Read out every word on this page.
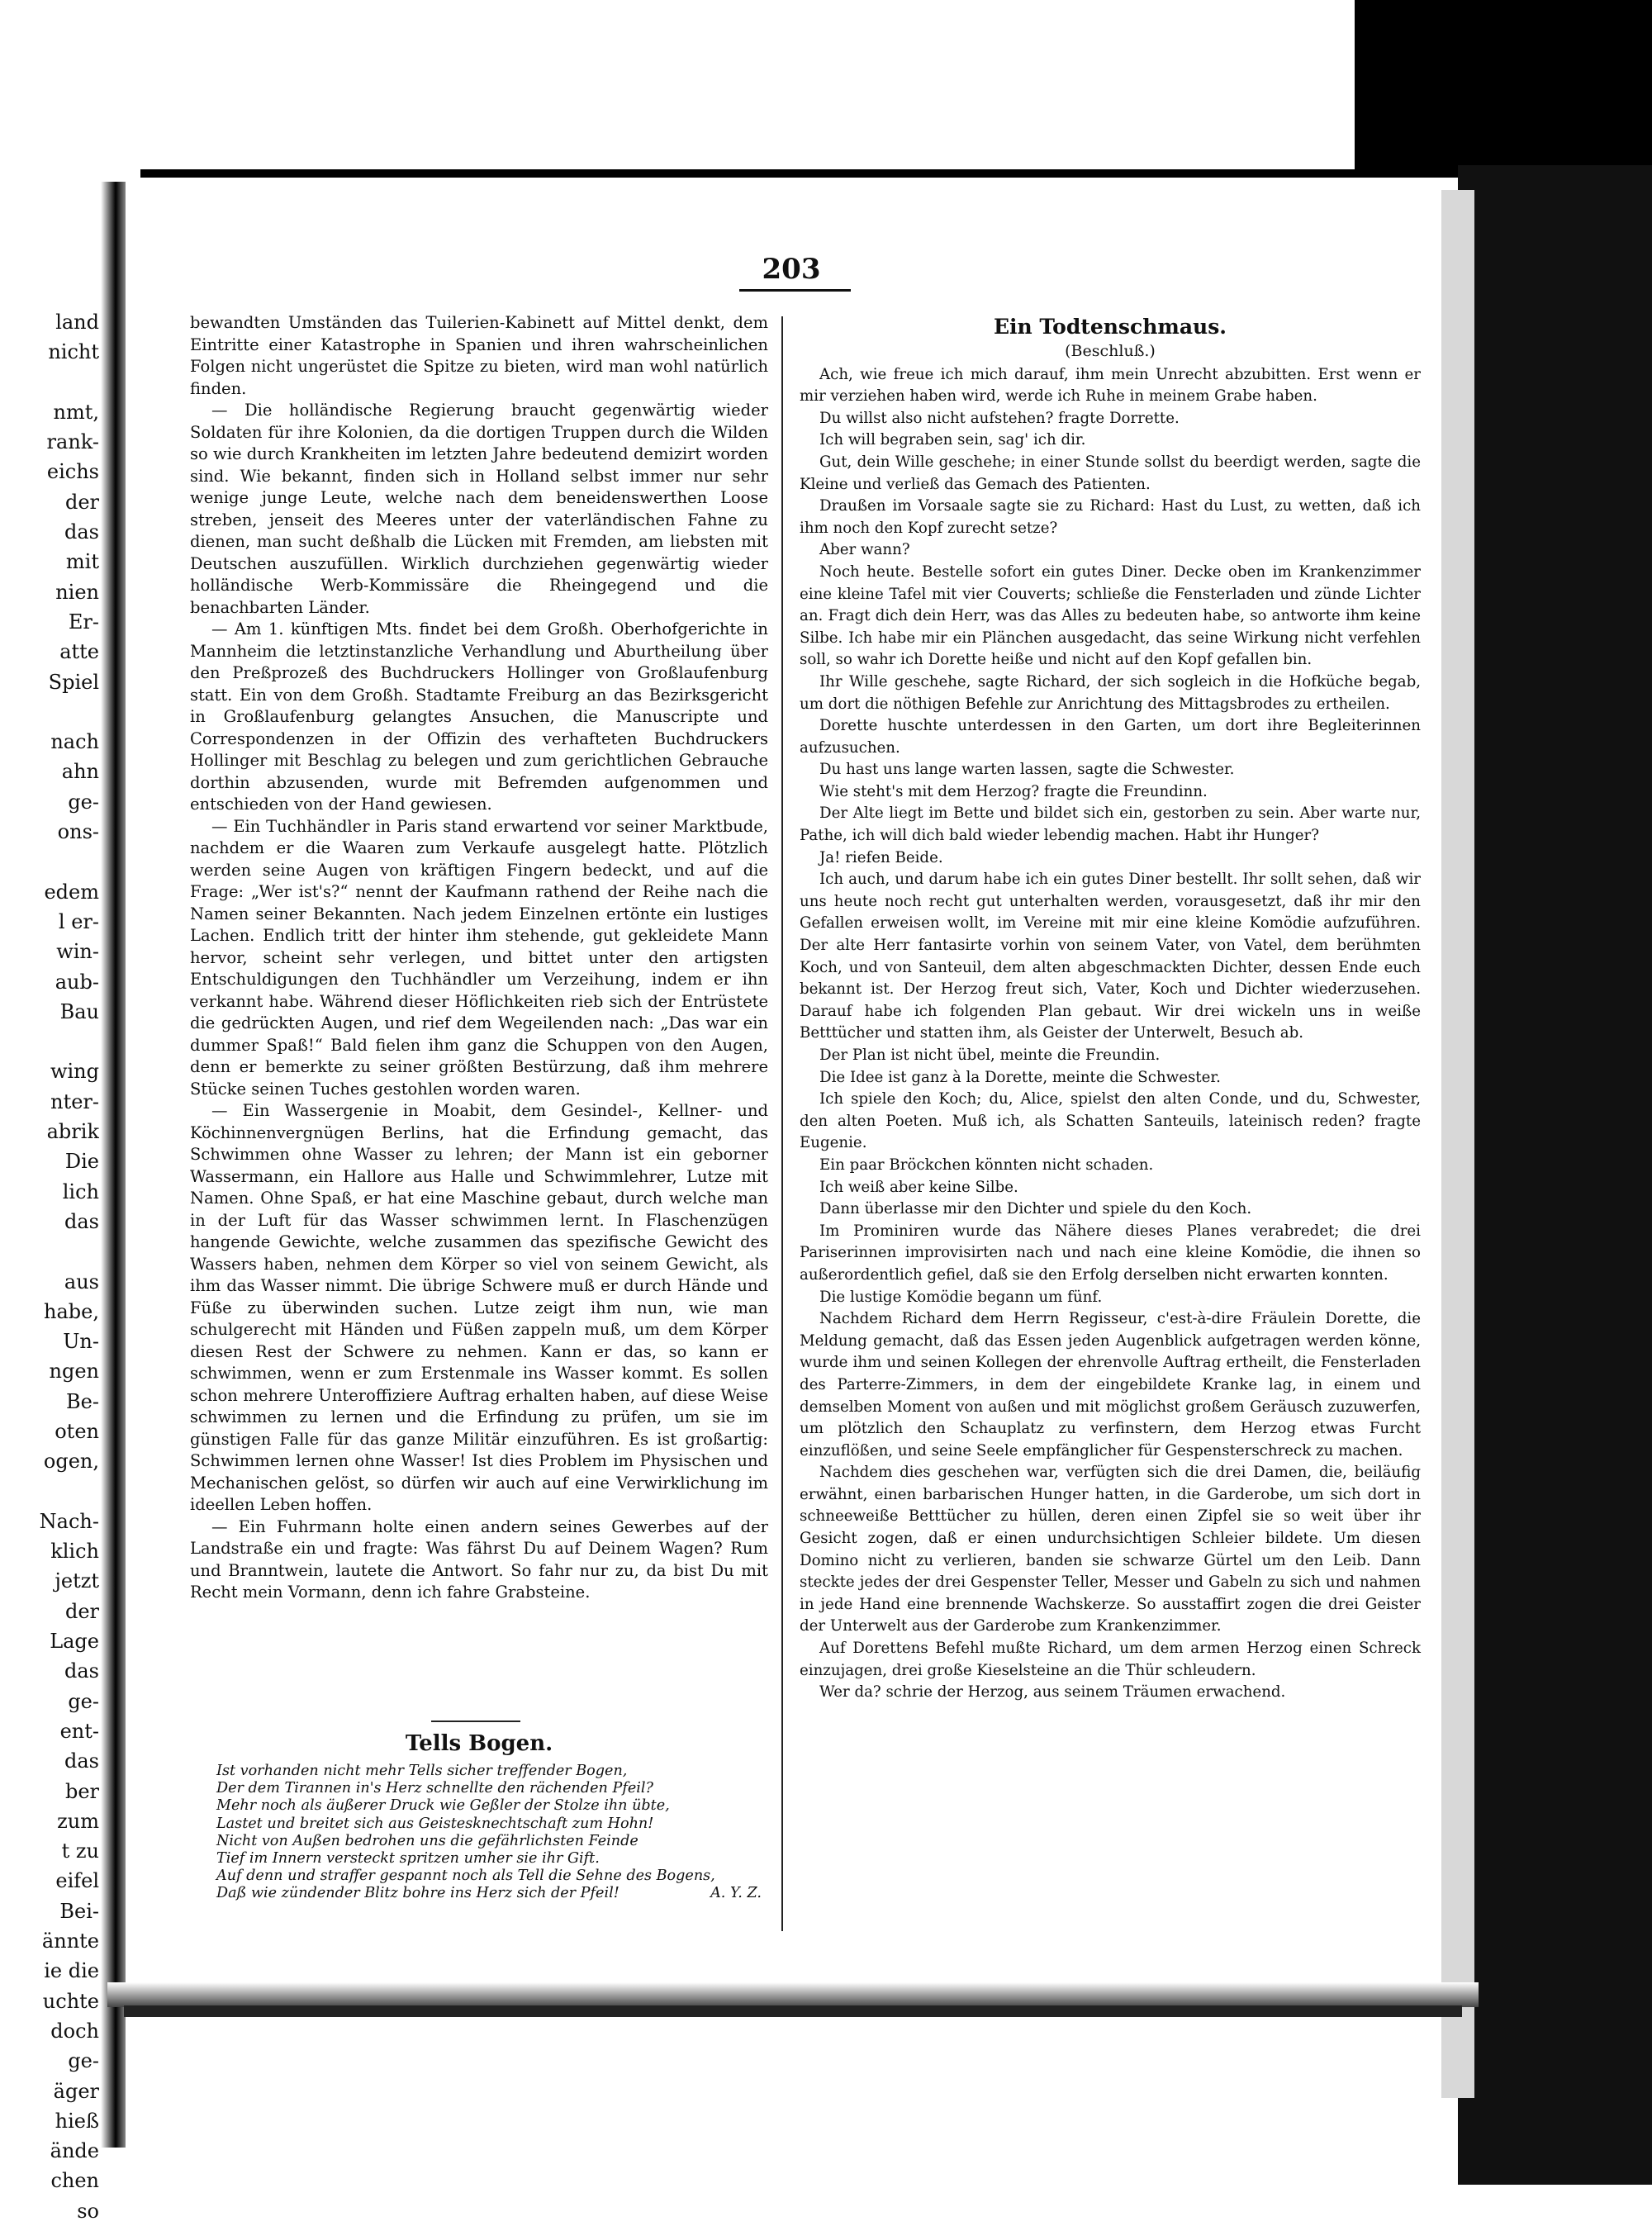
land
nicht
nmt,
rank-
eichs
der
das
mit
nien
Er-
atte
Spiel
nach
ahn
ge-
ons-
edem
l er-
win-
aub-
Bau
wing
nter-
abrik
Die
lich
das
aus
habe,
Un-
ngen
Be-
oten
ogen,
Nach-
klich
jetzt
der
Lage
das
ge-
ent-
das
ber
zum
t zu
eifel
Bei-
ännte
ie die
uchte
doch
ge-
äger
hieß
ände
chen
so
203

bewandten Umständen das Tuilerien-Kabinett auf Mittel denkt, dem Eintritte einer Katastrophe in Spanien und ihren wahrscheinlichen Folgen nicht ungerüstet die Spitze zu bieten, wird man wohl natürlich finden.

— Die holländische Regierung braucht gegenwärtig wieder Soldaten für ihre Kolonien, da die dortigen Truppen durch die Wilden so wie durch Krankheiten im letzten Jahre bedeutend demizirt worden sind. Wie bekannt, finden sich in Holland selbst immer nur sehr wenige junge Leute, welche nach dem beneidenswerthen Loose streben, jenseit des Meeres unter der vaterländischen Fahne zu dienen, man sucht deßhalb die Lücken mit Fremden, am liebsten mit Deutschen auszufüllen. Wirklich durchziehen gegenwärtig wieder holländische Werb-Kommissäre die Rheingegend und die benachbarten Länder.

— Am 1. künftigen Mts. findet bei dem Großh. Oberhofgerichte in Mannheim die letztinstanzliche Verhandlung und Aburtheilung über den Preßprozeß des Buchdruckers Hollinger von Großlaufenburg statt. Ein von dem Großh. Stadtamte Freiburg an das Bezirksgericht in Großlaufenburg gelangtes Ansuchen, die Manuscripte und Correspondenzen in der Offizin des verhafteten Buchdruckers Hollinger mit Beschlag zu belegen und zum gerichtlichen Gebrauche dorthin abzusenden, wurde mit Befremden aufgenommen und entschieden von der Hand gewiesen.

— Ein Tuchhändler in Paris stand erwartend vor seiner Marktbude, nachdem er die Waaren zum Verkaufe ausgelegt hatte. Plötzlich werden seine Augen von kräftigen Fingern bedeckt, und auf die Frage: „Wer ist's?“ nennt der Kaufmann rathend der Reihe nach die Namen seiner Bekannten. Nach jedem Einzelnen ertönte ein lustiges Lachen. Endlich tritt der hinter ihm stehende, gut gekleidete Mann hervor, scheint sehr verlegen, und bittet unter den artigsten Entschuldigungen den Tuchhändler um Verzeihung, indem er ihn verkannt habe. Während dieser Höflichkeiten rieb sich der Entrüstete die gedrückten Augen, und rief dem Wegeilenden nach: „Das war ein dummer Spaß!“ Bald fielen ihm ganz die Schuppen von den Augen, denn er bemerkte zu seiner größten Bestürzung, daß ihm mehrere Stücke seinen Tuches gestohlen worden waren.

— Ein Wassergenie in Moabit, dem Gesindel-, Kellner- und Köchinnenvergnügen Berlins, hat die Erfindung gemacht, das Schwimmen ohne Wasser zu lehren; der Mann ist ein geborner Wassermann, ein Hallore aus Halle und Schwimmlehrer, Lutze mit Namen. Ohne Spaß, er hat eine Maschine gebaut, durch welche man in der Luft für das Wasser schwimmen lernt. In Flaschenzügen hangende Gewichte, welche zusammen das spezifische Gewicht des Wassers haben, nehmen dem Körper so viel von seinem Gewicht, als ihm das Wasser nimmt. Die übrige Schwere muß er durch Hände und Füße zu überwinden suchen. Lutze zeigt ihm nun, wie man schulgerecht mit Händen und Füßen zappeln muß, um dem Körper diesen Rest der Schwere zu nehmen. Kann er das, so kann er schwimmen, wenn er zum Erstenmale ins Wasser kommt. Es sollen schon mehrere Unteroffiziere Auftrag erhalten haben, auf diese Weise schwimmen zu lernen und die Erfindung zu prüfen, um sie im günstigen Falle für das ganze Militär einzuführen. Es ist großartig: Schwimmen lernen ohne Wasser! Ist dies Problem im Physischen und Mechanischen gelöst, so dürfen wir auch auf eine Verwirklichung im ideellen Leben hoffen.

— Ein Fuhrmann holte einen andern seines Gewerbes auf der Landstraße ein und fragte: Was fährst Du auf Deinem Wagen? Rum und Branntwein, lautete die Antwort. So fahr nur zu, da bist Du mit Recht mein Vormann, denn ich fahre Grabsteine.

Tells Bogen.
Ist vorhanden nicht mehr Tells sicher treffender Bogen,
Der dem Tirannen in's Herz schnellte den rächenden Pfeil?
Mehr noch als äußerer Druck wie Geßler der Stolze ihn übte,
Lastet und breitet sich aus Geisteskneсhtschaft zum Hohn!
Nicht von Außen bedrohen uns die gefährlichsten Feinde
Tief im Innern versteckt spritzen umher sie ihr Gift.
Auf denn und straffer gespannt noch als Tell die Sehne des Bogens,
Daß wie zündender Blitz bohre ins Herz sich der Pfeil!	A. Y. Z.
Ein Todtenschmaus.
(Beschluß.)

Ach, wie freue ich mich darauf, ihm mein Unrecht abzubitten. Erst wenn er mir verziehen haben wird, werde ich Ruhe in meinem Grabe haben.

Du willst also nicht aufstehen? fragte Dorrette.

Ich will begraben sein, sag' ich dir.

Gut, dein Wille geschehe; in einer Stunde sollst du beerdigt werden, sagte die Kleine und verließ das Gemach des Patienten.

Draußen im Vorsaale sagte sie zu Richard: Hast du Lust, zu wetten, daß ich ihm noch den Kopf zurecht setze?

Aber wann?

Noch heute. Bestelle sofort ein gutes Diner. Decke oben im Krankenzimmer eine kleine Tafel mit vier Couverts; schließe die Fensterladen und zünde Lichter an. Fragt dich dein Herr, was das Alles zu bedeuten habe, so antworte ihm keine Silbe. Ich habe mir ein Plänchen ausgedacht, das seine Wirkung nicht verfehlen soll, so wahr ich Dorette heiße und nicht auf den Kopf gefallen bin.

Ihr Wille geschehe, sagte Richard, der sich sogleich in die Hofküche begab, um dort die nöthigen Befehle zur Anrichtung des Mittagsbrodes zu ertheilen.

Dorette huschte unterdessen in den Garten, um dort ihre Begleiterinnen aufzusuchen.

Du hast uns lange warten lassen, sagte die Schwester.

Wie steht's mit dem Herzog? fragte die Freundinn.

Der Alte liegt im Bette und bildet sich ein, gestorben zu sein. Aber warte nur, Pathe, ich will dich bald wieder lebendig machen. Habt ihr Hunger?

Ja! riefen Beide.

Ich auch, und darum habe ich ein gutes Diner bestellt. Ihr sollt sehen, daß wir uns heute noch recht gut unterhalten werden, vorausgesetzt, daß ihr mir den Gefallen erweisen wollt, im Vereine mit mir eine kleine Komödie aufzuführen. Der alte Herr fantasirte vorhin von seinem Vater, von Vatel, dem berühmten Koch, und von Santeuil, dem alten abgeschmackten Dichter, dessen Ende euch bekannt ist. Der Herzog freut sich, Vater, Koch und Dichter wiederzusehen. Darauf habe ich folgenden Plan gebaut. Wir drei wickeln uns in weiße Betttücher und statten ihm, als Geister der Unterwelt, Besuch ab.

Der Plan ist nicht übel, meinte die Freundin.

Die Idee ist ganz à la Dorette, meinte die Schwester.

Ich spiele den Koch; du, Alice, spielst den alten Conde, und du, Schwester, den alten Poeten. Muß ich, als Schatten Santeuils, lateinisch reden? fragte Eugenie.

Ein paar Bröckchen könnten nicht schaden.

Ich weiß aber keine Silbe.

Dann überlasse mir den Dichter und spiele du den Koch.

Im Prominiren wurde das Nähere dieses Planes verabredet; die drei Pariserinnen improvisirten nach und nach eine kleine Komödie, die ihnen so außerordentlich gefiel, daß sie den Erfolg derselben nicht erwarten konnten.

Die lustige Komödie begann um fünf.

Nachdem Richard dem Herrn Regisseur, c'est-à-dire Fräulein Dorette, die Meldung gemacht, daß das Essen jeden Augenblick aufgetragen werden könne, wurde ihm und seinen Kollegen der ehrenvolle Auftrag ertheilt, die Fensterladen des Parterre-Zimmers, in dem der eingebildete Kranke lag, in einem und demselben Moment von außen und mit möglichst großem Geräusch zuzuwerfen, um plötzlich den Schauplatz zu verfinstern, dem Herzog etwas Furcht einzuflößen, und seine Seele empfänglicher für Gespensterschreck zu machen.

Nachdem dies geschehen war, verfügten sich die drei Damen, die, beiläufig erwähnt, einen barbarischen Hunger hatten, in die Garderobe, um sich dort in schneeweiße Betttücher zu hüllen, deren einen Zipfel sie so weit über ihr Gesicht zogen, daß er einen undurchsichtigen Schleier bildete. Um diesen Domino nicht zu verlieren, banden sie schwarze Gürtel um den Leib. Dann steckte jedes der drei Gespenster Teller, Messer und Gabeln zu sich und nahmen in jede Hand eine brennende Wachskerze. So ausstaffirt zogen die drei Geister der Unterwelt aus der Garderobe zum Krankenzimmer.

Auf Dorettens Befehl mußte Richard, um dem armen Herzog einen Schreck einzujagen, drei große Kieselsteine an die Thür schleudern.

Wer da? schrie der Herzog, aus seinem Träumen erwachend.
